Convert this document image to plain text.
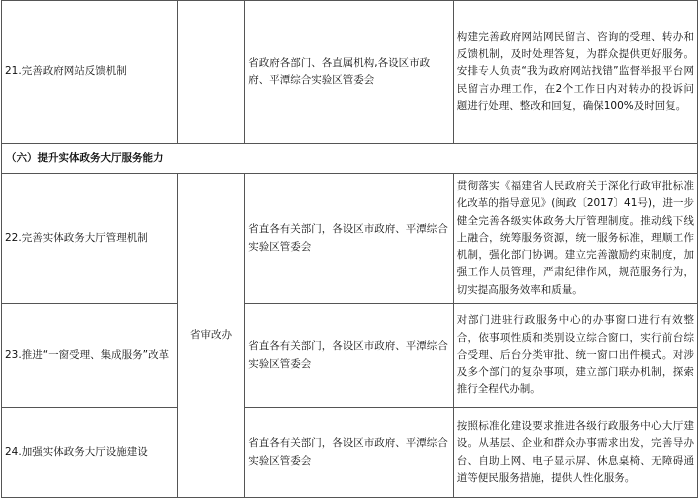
21.完善政府网站反馈机制		省政府各部门、各直属机构,各设区市政府、平潭综合实验区管委会	构建完善政府网站网民留言、咨询的受理、转办和反馈机制，及时处理答复，为群众提供更好服务。安排专人负责“我为政府网站找错”监督举报平台网民留言办理工作，在2个工作日内对转办的投诉问题进行处理、整改和回复，确保100%及时回复。
（六）提升实体政务大厅服务能力			
22.完善实体政务大厅管理机制	省审改办	省直各有关部门，各设区市政府、平潭综合实验区管委会	贯彻落实《福建省人民政府关于深化行政审批标准化改革的指导意见》(闽政〔2017〕41号)，进一步健全完善各级实体政务大厅管理制度。推动线下线上融合，统筹服务资源，统一服务标准，理顺工作机制，强化部门协调。建立完善激励约束制度，加强工作人员管理，严肃纪律作风，规范服务行为，切实提高服务效率和质量。
23.推进“一窗受理、集成服务”改革		省直各有关部门，各设区市政府、平潭综合实验区管委会	对部门进驻行政服务中心的办事窗口进行有效整合，依事项性质和类别设立综合窗口，实行前台综合受理、后台分类审批、统一窗口出件模式。对涉及多个部门的复杂事项，建立部门联办机制，探索推行全程代办制。
24.加强实体政务大厅设施建设		省直各有关部门，各设区市政府、平潭综合实验区管委会	按照标准化建设要求推进各级行政服务中心大厅建设。从基层、企业和群众办事需求出发，完善导办台、自助上网、电子显示屏、休息桌椅、无障碍通道等便民服务措施，提供人性化服务。
